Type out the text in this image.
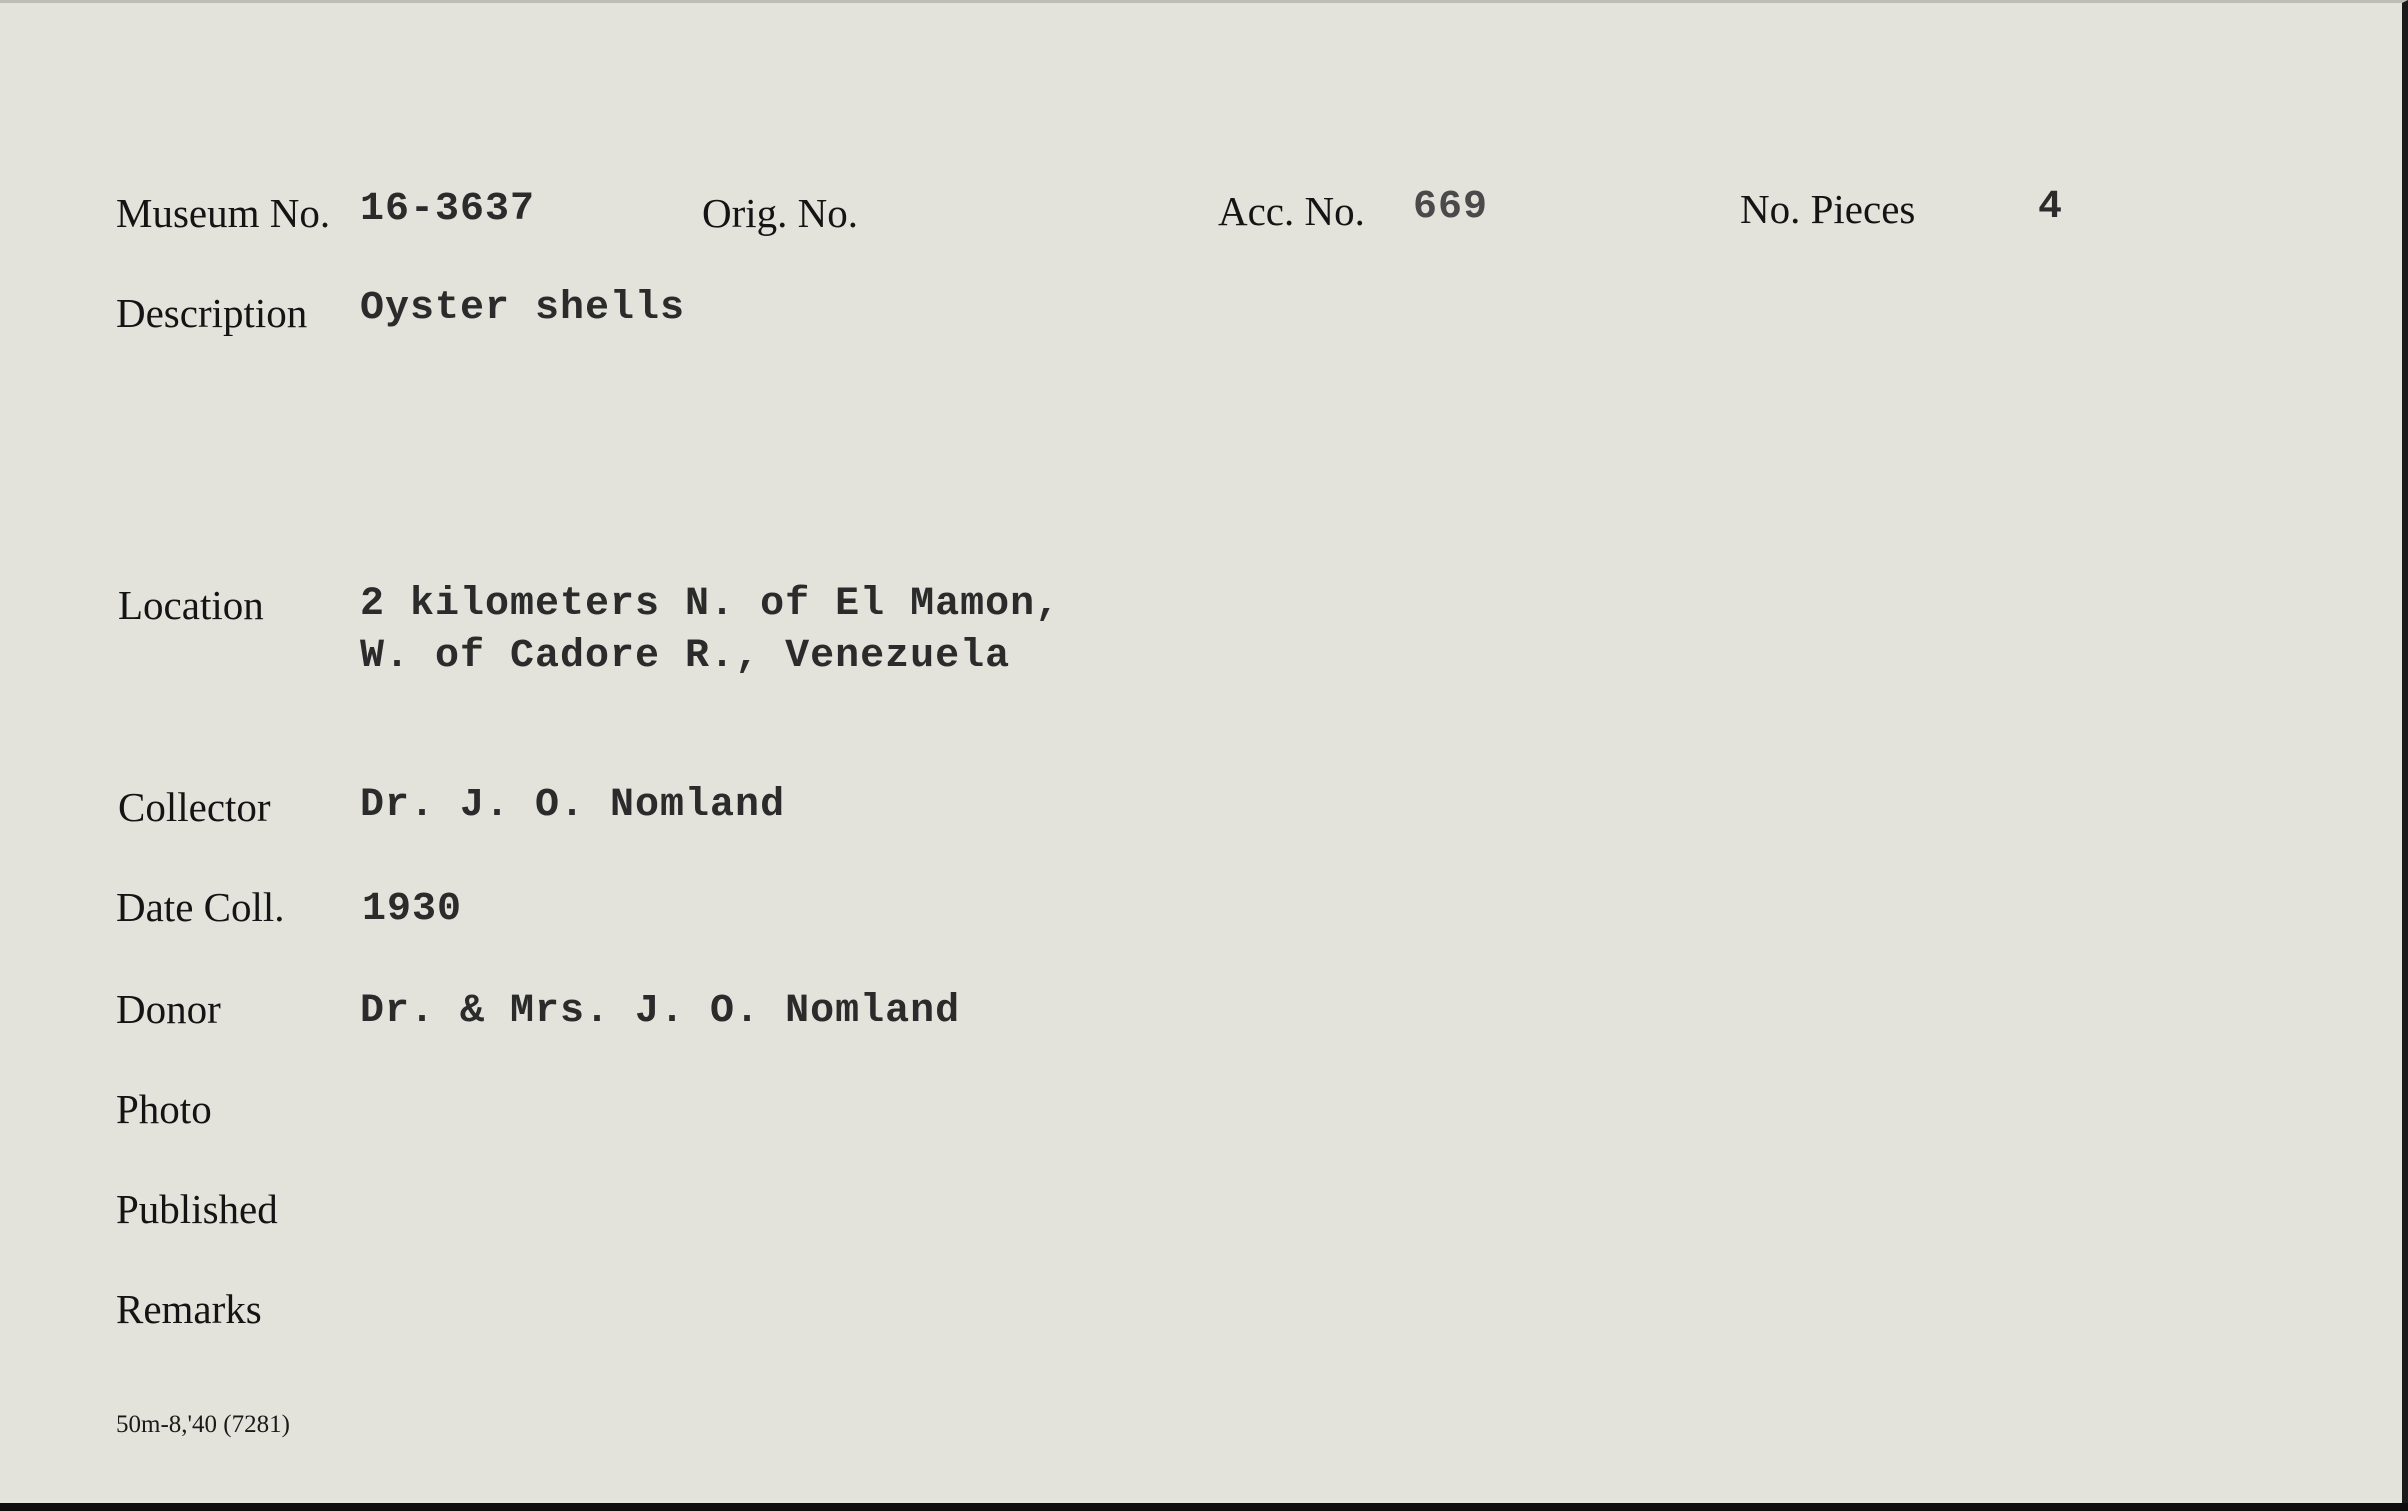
Museum No. 16-3637	Orig. No.	Acc. No. 669	No. Pieces	4
Description Oyster shells
Location 2 kilometers N. of El Mamon,
W. of Cadore R., Venezuela
Collector Dr. J. O. Nomland
Date Coll. 1930
Donor	Dr. & Mrs. J. O. Nomland
Photo
Published
Remarks
50m-8,'40 (7281)
